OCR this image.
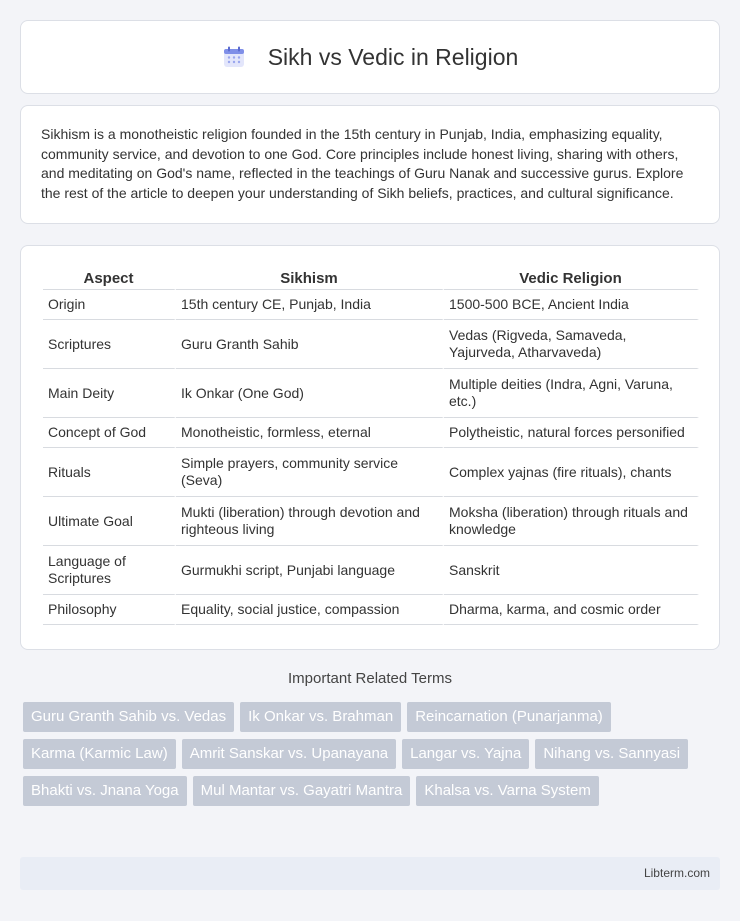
Sikh vs Vedic in Religion

Sikhism is a monotheistic religion founded in the 15th century in Punjab, India, emphasizing equality, community service, and devotion to one God. Core principles include honest living, sharing with others, and meditating on God's name, reflected in the teachings of Guru Nanak and successive gurus. Explore the rest of the article to deepen your understanding of Sikh beliefs, practices, and cultural significance.

Aspect	Sikhism	Vedic Religion
Origin	15th century CE, Punjab, India	1500-500 BCE, Ancient India
Scriptures	Guru Granth Sahib	Vedas (Rigveda, Samaveda, Yajurveda, Atharvaveda)
Main Deity	Ik Onkar (One God)	Multiple deities (Indra, Agni, Varuna, etc.)
Concept of God	Monotheistic, formless, eternal	Polytheistic, natural forces personified
Rituals	Simple prayers, community service (Seva)	Complex yajnas (fire rituals), chants
Ultimate Goal	Mukti (liberation) through devotion and righteous living	Moksha (liberation) through rituals and knowledge
Language of Scriptures	Gurmukhi script, Punjabi language	Sanskrit
Philosophy	Equality, social justice, compassion	Dharma, karma, and cosmic order
Important Related Terms
Guru Granth Sahib vs. Vedas	Ik Onkar vs. Brahman	Reincarnation (Punarjanma)
Karma (Karmic Law)	Amrit Sanskar vs. Upanayana	Langar vs. Yajna	Nihang vs. Sannyasi
Bhakti vs. Jnana Yoga	Mul Mantar vs. Gayatri Mantra	Khalsa vs. Varna System
Libterm.com
